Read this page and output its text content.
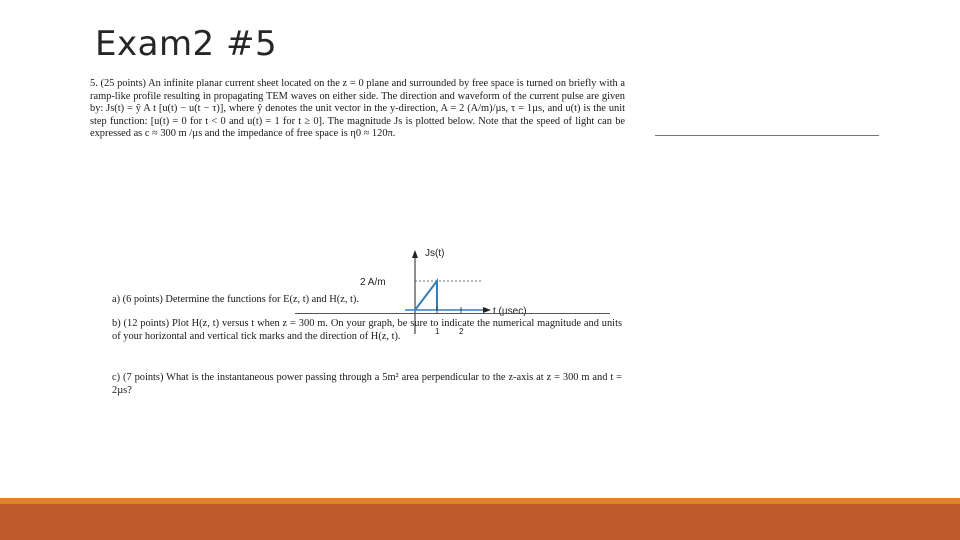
Exam2 #5
5. (25 points) An infinite planar current sheet located on the z = 0 plane and surrounded by free space is turned on briefly with a ramp-like profile resulting in propagating TEM waves on either side. The direction and waveform of the current pulse are given by: Js(t) = ŷ A t [u(t) − u(t − τ)], where ŷ denotes the unit vector in the y-direction, A = 2 (A/m)/µs, τ = 1µs, and u(t) is the unit step function: [u(t) = 0 for t < 0 and u(t) = 1 for t ≥ 0]. The magnitude Js is plotted below. Note that the speed of light can be expressed as c ≈ 300 m /µs and the impedance of free space is η0 ≈ 120π.
Js(t)
2 A/m
t (µsec)
1 2
a) (6 points) Determine the functions for E(z, t) and H(z, t).
b) (12 points) Plot H(z, t) versus t when z = 300 m. On your graph, be sure to indicate the numerical magnitude and units of your horizontal and vertical tick marks and the direction of H(z, t).
c) (7 points) What is the instantaneous power passing through a 5m² area perpendicular to the z-axis at z = 300 m and t = 2µs?
